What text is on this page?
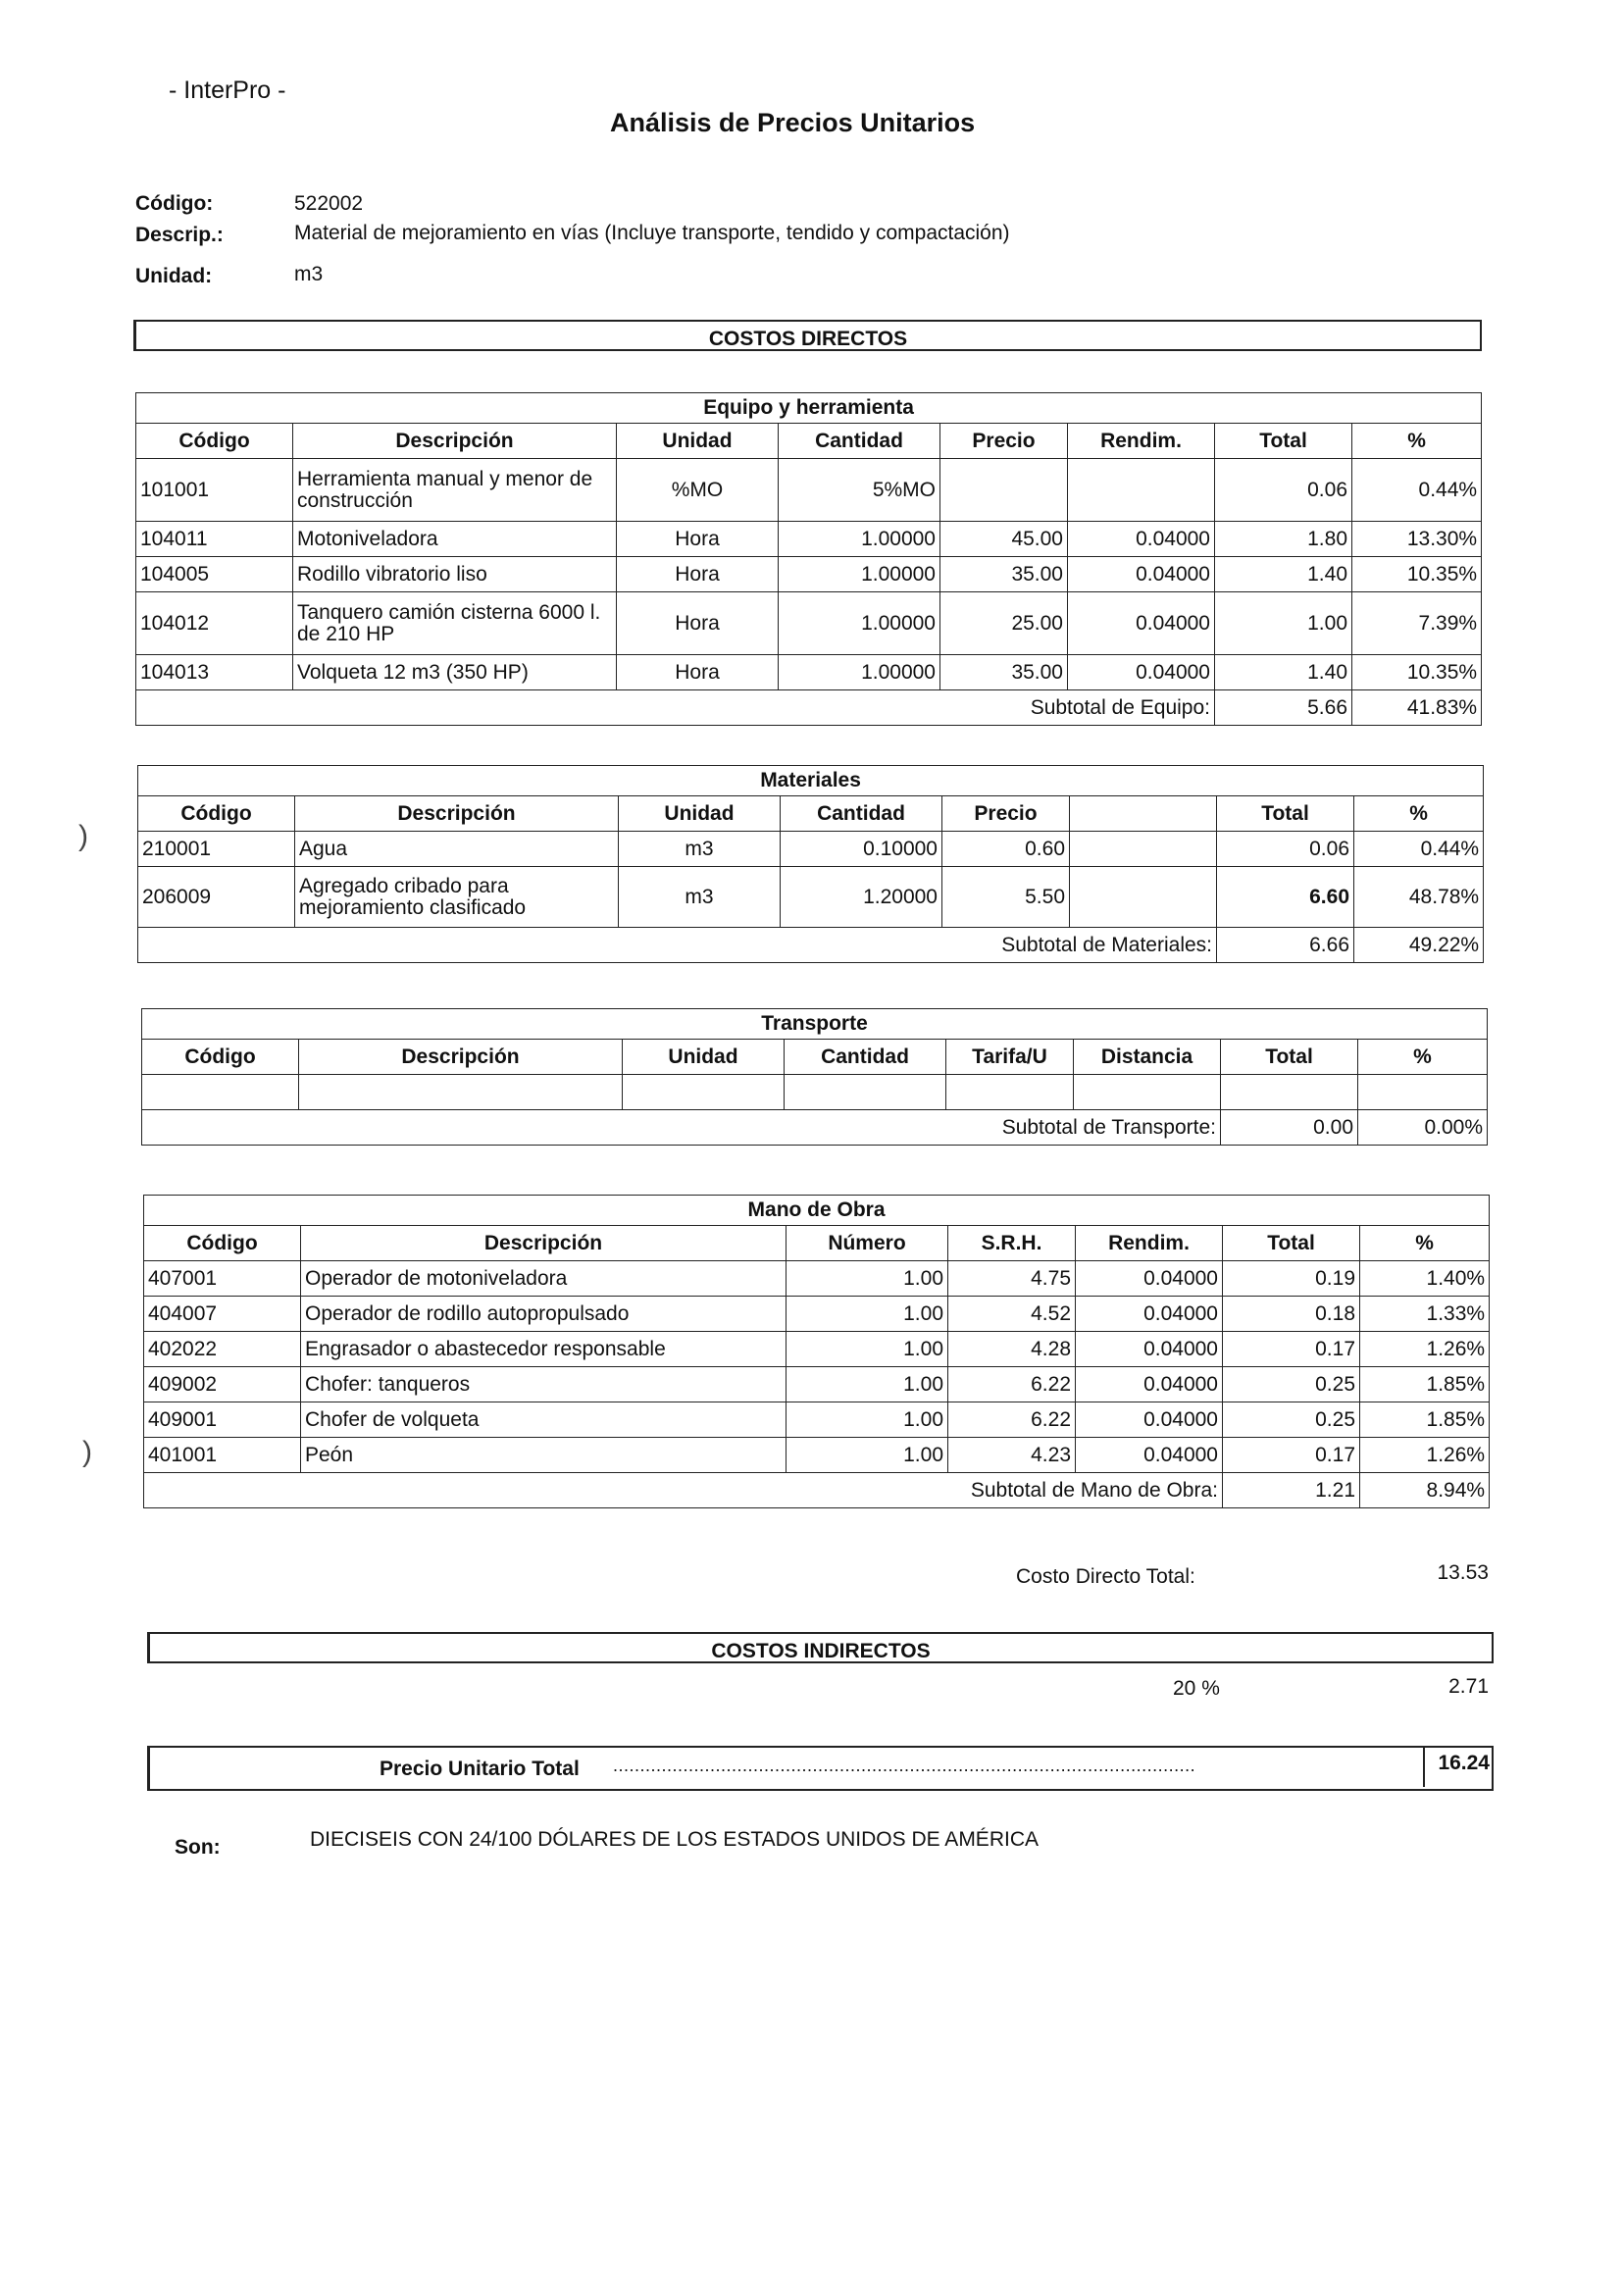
- InterPro -
Análisis de Precios Unitarios
Código:	522002
Descrip.:	Material de mejoramiento en vías (Incluye transporte, tendido y compactación)
Unidad:	m3
COSTOS DIRECTOS
Equipo y herramienta							
Código	Descripción	Unidad	Cantidad	Precio	Rendim.	Total	%
101001	Herramienta manual y menor de construcción	%MO	5%MO			0.06	0.44%
104011	Motoniveladora	Hora	1.00000	45.00	0.04000	1.80	13.30%
104005	Rodillo vibratorio liso	Hora	1.00000	35.00	0.04000	1.40	10.35%
104012	Tanquero camión cisterna 6000 l. de 210 HP	Hora	1.00000	25.00	0.04000	1.00	7.39%
104013	Volqueta 12 m3 (350 HP)	Hora	1.00000	35.00	0.04000	1.40	10.35%
Subtotal de Equipo:						5.66	41.83%
Materiales							
Código	Descripción	Unidad	Cantidad	Precio		Total	%
210001	Agua	m3	0.10000	0.60		0.06	0.44%
206009	Agregado cribado para mejoramiento clasificado	m3	1.20000	5.50		6.60	48.78%
Subtotal de Materiales:						6.66	49.22%
Transporte							
Código	Descripción	Unidad	Cantidad	Tarifa/U	Distancia	Total	%

Subtotal de Transporte:						0.00	0.00%
Mano de Obra						
Código	Descripción	Número	S.R.H.	Rendim.	Total	%
407001	Operador de motoniveladora	1.00	4.75	0.04000	0.19	1.40%
404007	Operador de rodillo autopropulsado	1.00	4.52	0.04000	0.18	1.33%
402022	Engrasador o abastecedor responsable	1.00	4.28	0.04000	0.17	1.26%
409002	Chofer: tanqueros	1.00	6.22	0.04000	0.25	1.85%
409001	Chofer de volqueta	1.00	6.22	0.04000	0.25	1.85%
401001	Peón	1.00	4.23	0.04000	0.17	1.26%
Subtotal de Mano de Obra:					1.21	8.94%
Costo Directo Total:	13.53
COSTOS INDIRECTOS
20 %	2.71
Precio Unitario Total ............................................................................................................	16.24
Son:	DIECISEIS CON 24/100 DÓLARES DE LOS ESTADOS UNIDOS DE AMÉRICA
)
)
